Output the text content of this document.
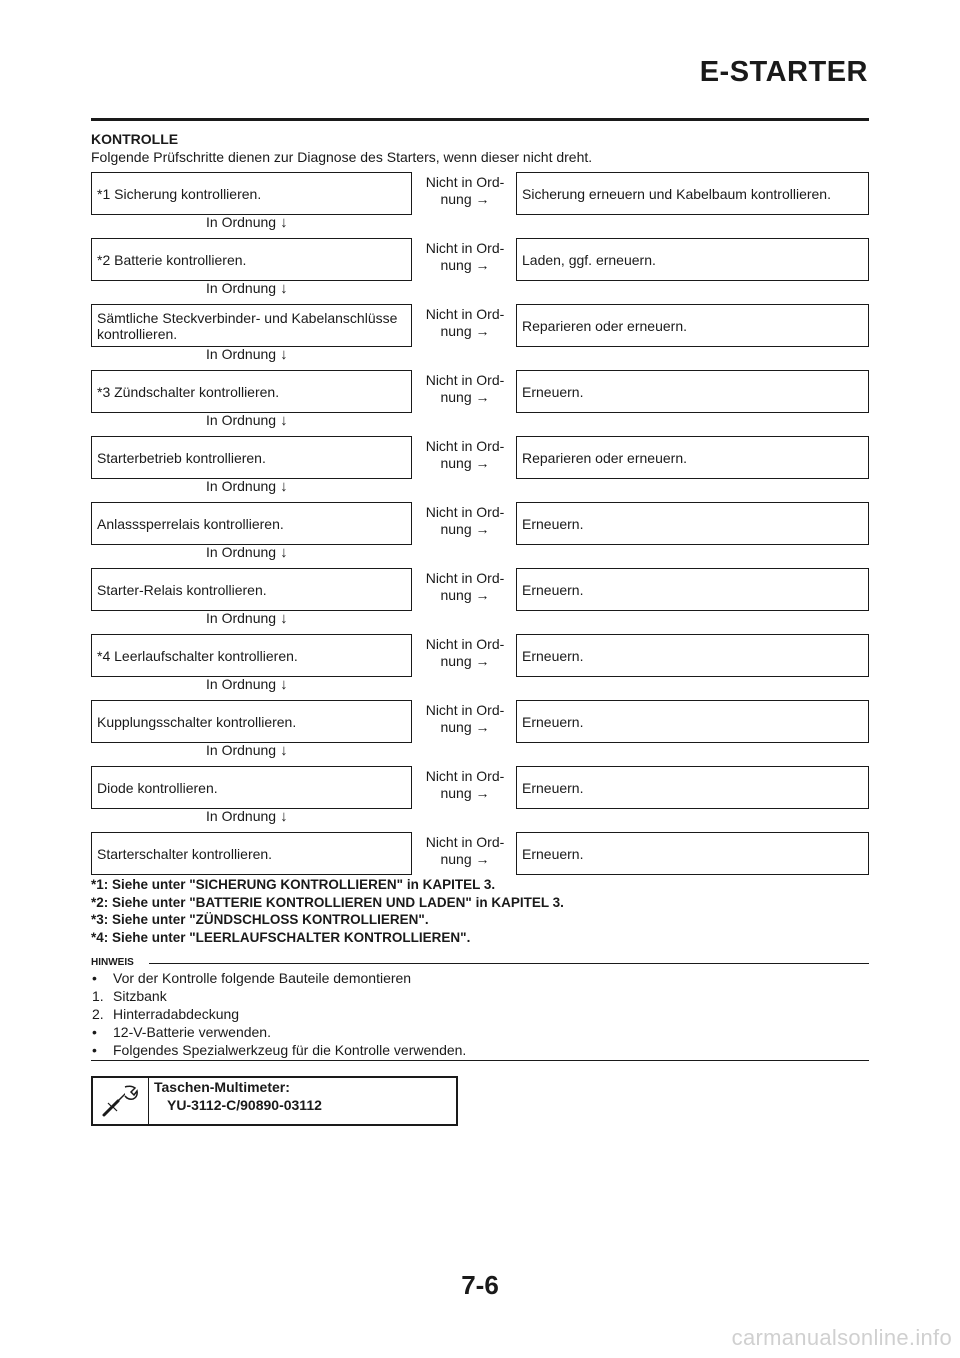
E-STARTER
KONTROLLE
Folgende Prüfschritte dienen zur Diagnose des Starters, wenn dieser nicht dreht.
*1 Sicherung kontrollieren.
Nicht in Ord-
nung →	Sicherung erneuern und Kabelbaum kontrollieren.
In Ordnung ↓
*2 Batterie kontrollieren.
Nicht in Ord-
nung →	Laden, ggf. erneuern.
In Ordnung ↓
Sämtliche Steckverbinder- und Kabelanschlüsse kontrollieren.
Nicht in Ord-
nung →	Reparieren oder erneuern.
In Ordnung ↓
*3 Zündschalter kontrollieren.
Nicht in Ord-
nung →	Erneuern.
In Ordnung ↓
Starterbetrieb kontrollieren.
Nicht in Ord-
nung →	Reparieren oder erneuern.
In Ordnung ↓
Anlasssperrelais kontrollieren.
Nicht in Ord-
nung →	Erneuern.
In Ordnung ↓
Starter-Relais kontrollieren.
Nicht in Ord-
nung →	Erneuern.
In Ordnung ↓
*4 Leerlaufschalter kontrollieren.
Nicht in Ord-
nung →	Erneuern.
In Ordnung ↓
Kupplungsschalter kontrollieren.
Nicht in Ord-
nung →	Erneuern.
In Ordnung ↓
Diode kontrollieren.
Nicht in Ord-
nung →	Erneuern.
In Ordnung ↓
Starterschalter kontrollieren.
Nicht in Ord-
nung →	Erneuern.
*1: Siehe unter "SICHERUNG KONTROLLIEREN" in KAPITEL 3.
*2: Siehe unter "BATTERIE KONTROLLIEREN UND LADEN" in KAPITEL 3.
*3: Siehe unter "ZÜNDSCHLOSS KONTROLLIEREN".
*4: Siehe unter "LEERLAUFSCHALTER KONTROLLIEREN".
HINWEIS
•	Vor der Kontrolle folgende Bauteile demontieren
1. Sitzbank
2. Hinterradabdeckung
•	12-V-Batterie verwenden.
•	Folgendes Spezialwerkzeug für die Kontrolle verwenden.
Taschen-Multimeter:
YU-3112-C/90890-03112
7-6
carmanualsonline.info
